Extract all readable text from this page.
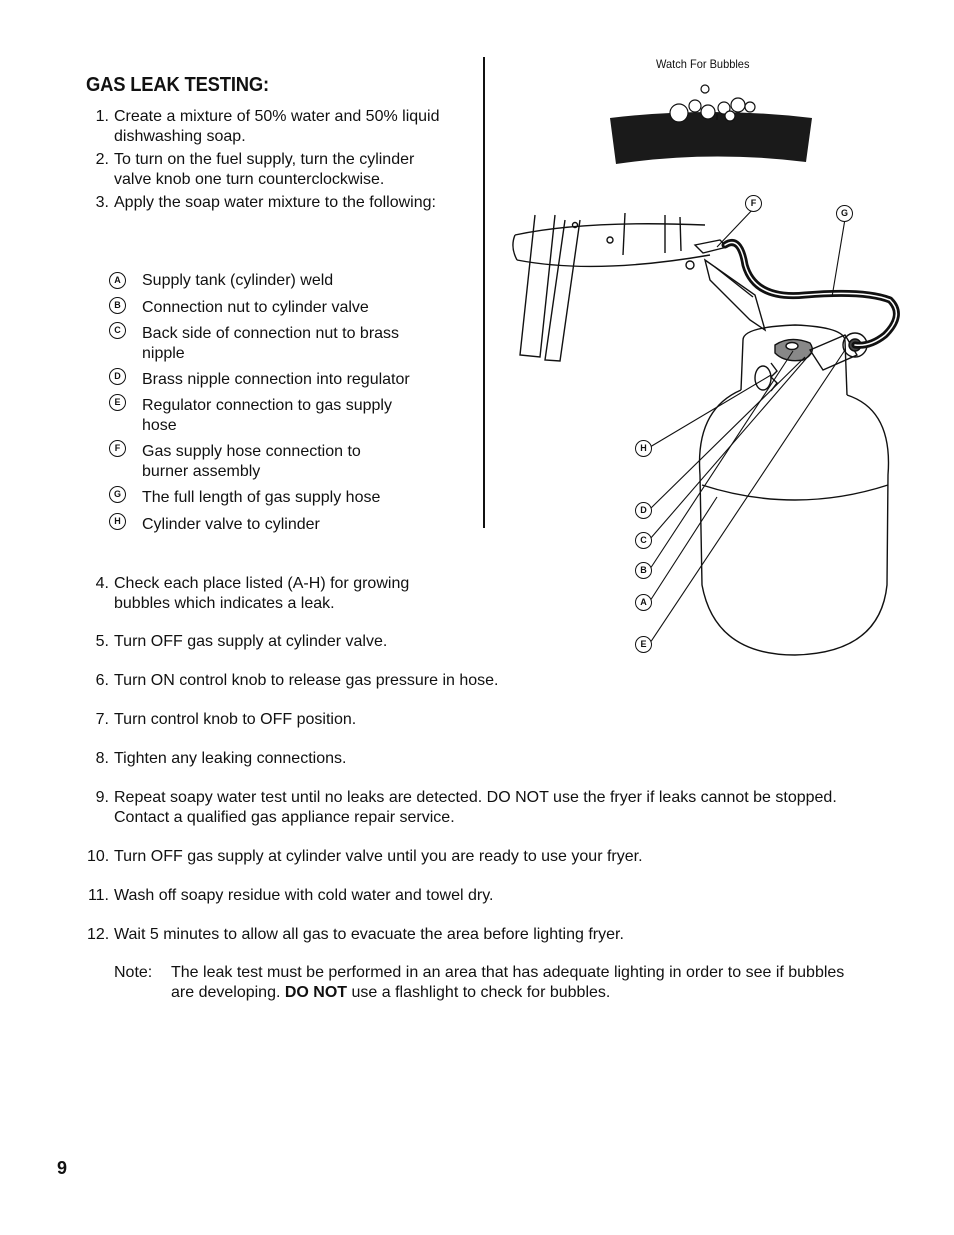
GAS LEAK TESTING:
1. Create a mixture of 50% water and 50% liquid
dishwashing soap.
2. To turn on the fuel supply, turn the cylinder
valve knob one turn counterclockwise.
3. Apply the soap water mixture to the following:
A	Supply tank (cylinder) weld
B	Connection nut to cylinder valve
C	Back side of connection nut to brass
nipple
D	Brass nipple connection into regulator
E	Regulator connection to gas supply
hose
F	Gas supply hose connection to
burner assembly
G	The full length of gas supply hose
H	Cylinder valve to cylinder
4. Check each place listed (A-H) for growing
bubbles which indicates a leak.
5. Turn OFF gas supply at cylinder valve.
6. Turn ON control knob to release gas pressure in hose.
7. Turn control knob to OFF position.
8. Tighten any leaking connections.
9. Repeat soapy water test until no leaks are detected. DO NOT use the fryer if leaks cannot be stopped.
Contact a qualified gas appliance repair service.
10. Turn OFF gas supply at cylinder valve until you are ready to use your fryer.
11. Wash off soapy residue with cold water and towel dry.
12. Wait 5 minutes to allow all gas to evacuate the area before lighting fryer.
Note: The leak test must be performed in an area that has adequate lighting in order to see if bubbles are developing. DO NOT use a flashlight to check for bubbles.
Watch For Bubbles
F
G
H
D
C
B
A
E
9
